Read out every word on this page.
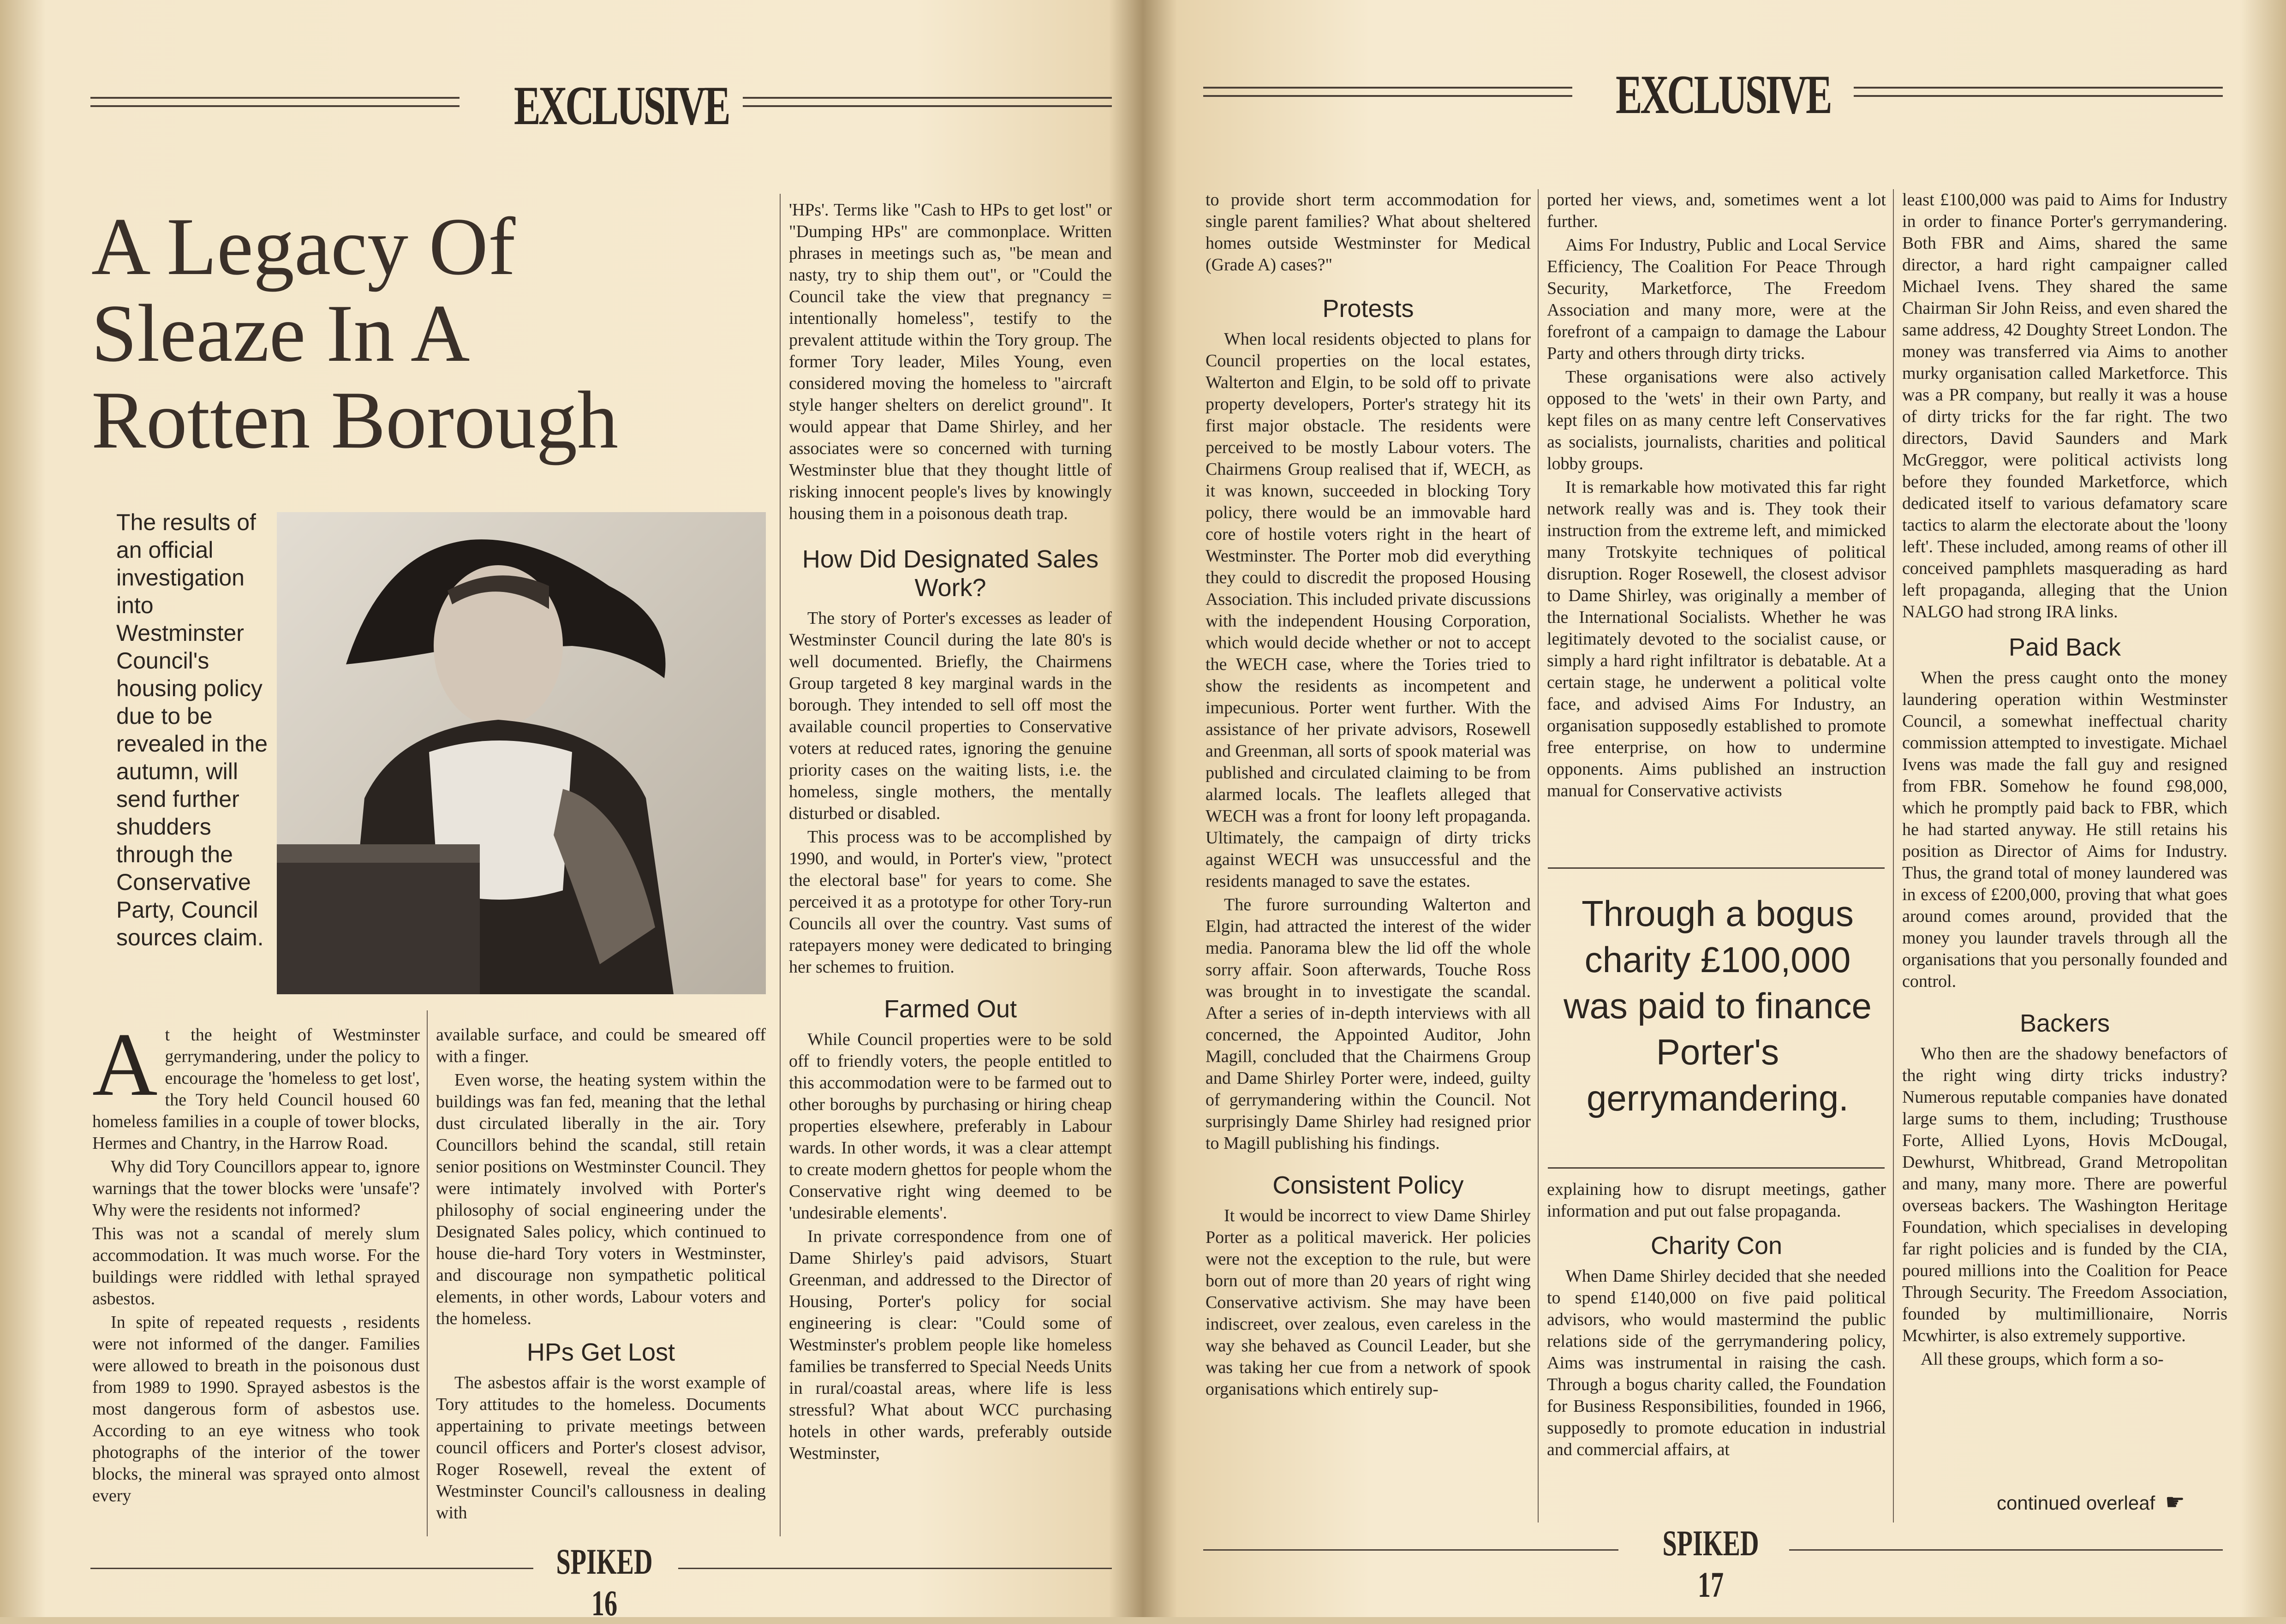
EXCLUSIVE
A Legacy Of
Sleaze In A
Rotten Borough
The results of an official investigation into Westminster Council's housing policy due to be revealed in the autumn, will send further shudders through the Conservative Party, Council sources claim.

At the height of Westminster gerrymandering, under the policy to encourage the 'homeless to get lost', the Tory held Council housed 60 homeless families in a couple of tower blocks, Hermes and Chantry, in the Harrow Road.

Why did Tory Councillors appear to, ignore warnings that the tower blocks were 'unsafe'? Why were the residents not informed?

This was not a scandal of merely slum accommodation. It was much worse. For the buildings were riddled with lethal sprayed asbestos.

In spite of repeated requests , residents were not informed of the danger. Families were allowed to breath in the poisonous dust from 1989 to 1990. Sprayed asbestos is the most dangerous form of asbestos use. According to an eye witness who took photographs of the interior of the tower blocks, the mineral was sprayed onto almost every

available surface, and could be smeared off with a finger.

Even worse, the heating system within the buildings was fan fed, meaning that the lethal dust circulated liberally in the air. Tory Councillors behind the scandal, still retain senior positions on Westminster Council. They were intimately involved with Porter's philosophy of social engineering under the Designated Sales policy, which continued to house die-hard Tory voters in Westminster, and discourage non sympathetic political elements, in other words, Labour voters and the homeless.

HPs Get Lost

The asbestos affair is the worst example of Tory attitudes to the homeless. Documents appertaining to private meetings between council officers and Porter's closest advisor, Roger Rosewell, reveal the extent of Westminster Council's callousness in dealing with

'HPs'. Terms like "Cash to HPs to get lost" or "Dumping HPs" are commonplace. Written phrases in meetings such as, "be mean and nasty, try to ship them out", or "Could the Council take the view that pregnancy = intentionally homeless", testify to the prevalent attitude within the Tory group. The former Tory leader, Miles Young, even considered moving the homeless to "aircraft style hanger shelters on derelict ground". It would appear that Dame Shirley, and her associates were so concerned with turning Westminster blue that they thought little of risking innocent people's lives by knowingly housing them in a poisonous death trap.

How Did Designated Sales Work?

The story of Porter's excesses as leader of Westminster Council during the late 80's is well documented. Briefly, the Chairmens Group targeted 8 key marginal wards in the borough. They intended to sell off most the available council properties to Conservative voters at reduced rates, ignoring the genuine priority cases on the waiting lists, i.e. the homeless, single mothers, the mentally disturbed or disabled.

This process was to be accomplished by 1990, and would, in Porter's view, "protect the electoral base" for years to come. She perceived it as a prototype for other Tory-run Councils all over the country. Vast sums of ratepayers money were dedicated to bringing her schemes to fruition.

Farmed Out

While Council properties were to be sold off to friendly voters, the people entitled to this accommodation were to be farmed out to other boroughs by purchasing or hiring cheap properties elsewhere, preferably in Labour wards. In other words, it was a clear attempt to create modern ghettos for people whom the Conservative right wing deemed to be 'undesirable elements'.

In private correspondence from one of Dame Shirley's paid advisors, Stuart Greenman, and addressed to the Director of Housing, Porter's policy for social engineering is clear: "Could some of Westminster's problem people like homeless families be transferred to Special Needs Units in rural/coastal areas, where life is less stressful? What about WCC purchasing hotels in other wards, preferably outside Westminster,

SPIKED 16
EXCLUSIVE

to provide short term accommodation for single parent families? What about sheltered homes outside Westminster for Medical (Grade A) cases?"

Protests

When local residents objected to plans for Council properties on the local estates, Walterton and Elgin, to be sold off to private property developers, Porter's strategy hit its first major obstacle. The residents were perceived to be mostly Labour voters. The Chairmens Group realised that if, WECH, as it was known, succeeded in blocking Tory policy, there would be an immovable hard core of hostile voters right in the heart of Westminster. The Porter mob did everything they could to discredit the proposed Housing Association. This included private discussions with the independent Housing Corporation, which would decide whether or not to accept the WECH case, where the Tories tried to show the residents as incompetent and impecunious. Porter went further. With the assistance of her private advisors, Rosewell and Greenman, all sorts of spook material was published and circulated claiming to be from alarmed locals. The leaflets alleged that WECH was a front for loony left propaganda. Ultimately, the campaign of dirty tricks against WECH was unsuccessful and the residents managed to save the estates.

The furore surrounding Walterton and Elgin, had attracted the interest of the wider media. Panorama blew the lid off the whole sorry affair. Soon afterwards, Touche Ross was brought in to investigate the scandal. After a series of in-depth interviews with all concerned, the Appointed Auditor, John Magill, concluded that the Chairmens Group and Dame Shirley Porter were, indeed, guilty of gerrymandering within the Council. Not surprisingly Dame Shirley had resigned prior to Magill publishing his findings.

Consistent Policy

It would be incorrect to view Dame Shirley Porter as a political maverick. Her policies were not the exception to the rule, but were born out of more than 20 years of right wing Conservative activism. She may have been indiscreet, over zealous, even careless in the way she behaved as Council Leader, but she was taking her cue from a network of spook organisations which entirely sup-

ported her views, and, sometimes went a lot further.

Aims For Industry, Public and Local Service Efficiency, The Coalition For Peace Through Security, Marketforce, The Freedom Association and many more, were at the forefront of a campaign to damage the Labour Party and others through dirty tricks.

These organisations were also actively opposed to the 'wets' in their own Party, and kept files on as many centre left Conservatives as socialists, journalists, charities and political lobby groups.

It is remarkable how motivated this far right network really was and is. They took their instruction from the extreme left, and mimicked many Trotskyite techniques of political disruption. Roger Rosewell, the closest advisor to Dame Shirley, was originally a member of the International Socialists. Whether he was legitimately devoted to the socialist cause, or simply a hard right infiltrator is debatable. At a certain stage, he underwent a political volte face, and advised Aims For Industry, an organisation supposedly established to promote free enterprise, on how to undermine opponents. Aims published an instruction manual for Conservative activists

Through a bogus charity £100,000 was paid to finance Porter's gerrymandering.

explaining how to disrupt meetings, gather information and put out false propaganda.

Charity Con

When Dame Shirley decided that she needed to spend £140,000 on five paid political advisors, who would mastermind the public relations side of the gerrymandering policy, Aims was instrumental in raising the cash. Through a bogus charity called, the Foundation for Business Responsibilities, founded in 1966, supposedly to promote education in industrial and commercial affairs, at

least £100,000 was paid to Aims for Industry in order to finance Porter's gerrymandering. Both FBR and Aims, shared the same director, a hard right campaigner called Michael Ivens. They shared the same Chairman Sir John Reiss, and even shared the same address, 42 Doughty Street London. The money was transferred via Aims to another murky organisation called Marketforce. This was a PR company, but really it was a house of dirty tricks for the far right. The two directors, David Saunders and Mark McGreggor, were political activists long before they founded Marketforce, which dedicated itself to various defamatory scare tactics to alarm the electorate about the 'loony left'. These included, among reams of other ill conceived pamphlets masquerading as hard left propaganda, alleging that the Union NALGO had strong IRA links.

Paid Back

When the press caught onto the money laundering operation within Westminster Council, a somewhat ineffectual charity commission attempted to investigate. Michael Ivens was made the fall guy and resigned from FBR. Somehow he found £98,000, which he promptly paid back to FBR, which he had started anyway. He still retains his position as Director of Aims for Industry. Thus, the grand total of money laundered was in excess of £200,000, proving that what goes around comes around, provided that the money you launder travels through all the organisations that you personally founded and control.

Backers

Who then are the shadowy benefactors of the right wing dirty tricks industry? Numerous reputable companies have donated large sums to them, including; Trusthouse Forte, Allied Lyons, Hovis McDougal, Dewhurst, Whitbread, Grand Metropolitan and many, many more. There are powerful overseas backers. The Washington Heritage Foundation, which specialises in developing far right policies and is funded by the CIA, poured millions into the Coalition for Peace Through Security. The Freedom Association, founded by multimillionaire, Norris Mcwhirter, is also extremely supportive.

All these groups, which form a so-

continued overleaf ☛
SPIKED 17
